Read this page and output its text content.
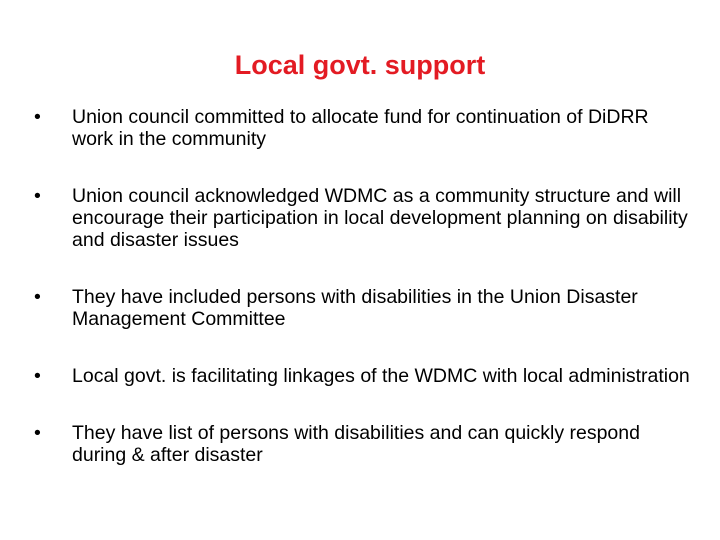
Local govt. support
•	Union council committed to allocate fund for continuation of DiDRR work in the community
•	Union council acknowledged WDMC as a community structure and will encourage their participation in local development planning on disability and disaster issues
•	They have included persons with disabilities in the Union Disaster Management Committee
•	Local govt. is facilitating linkages of the WDMC with local administration
•	They have list of persons with disabilities and can quickly respond during & after disaster
